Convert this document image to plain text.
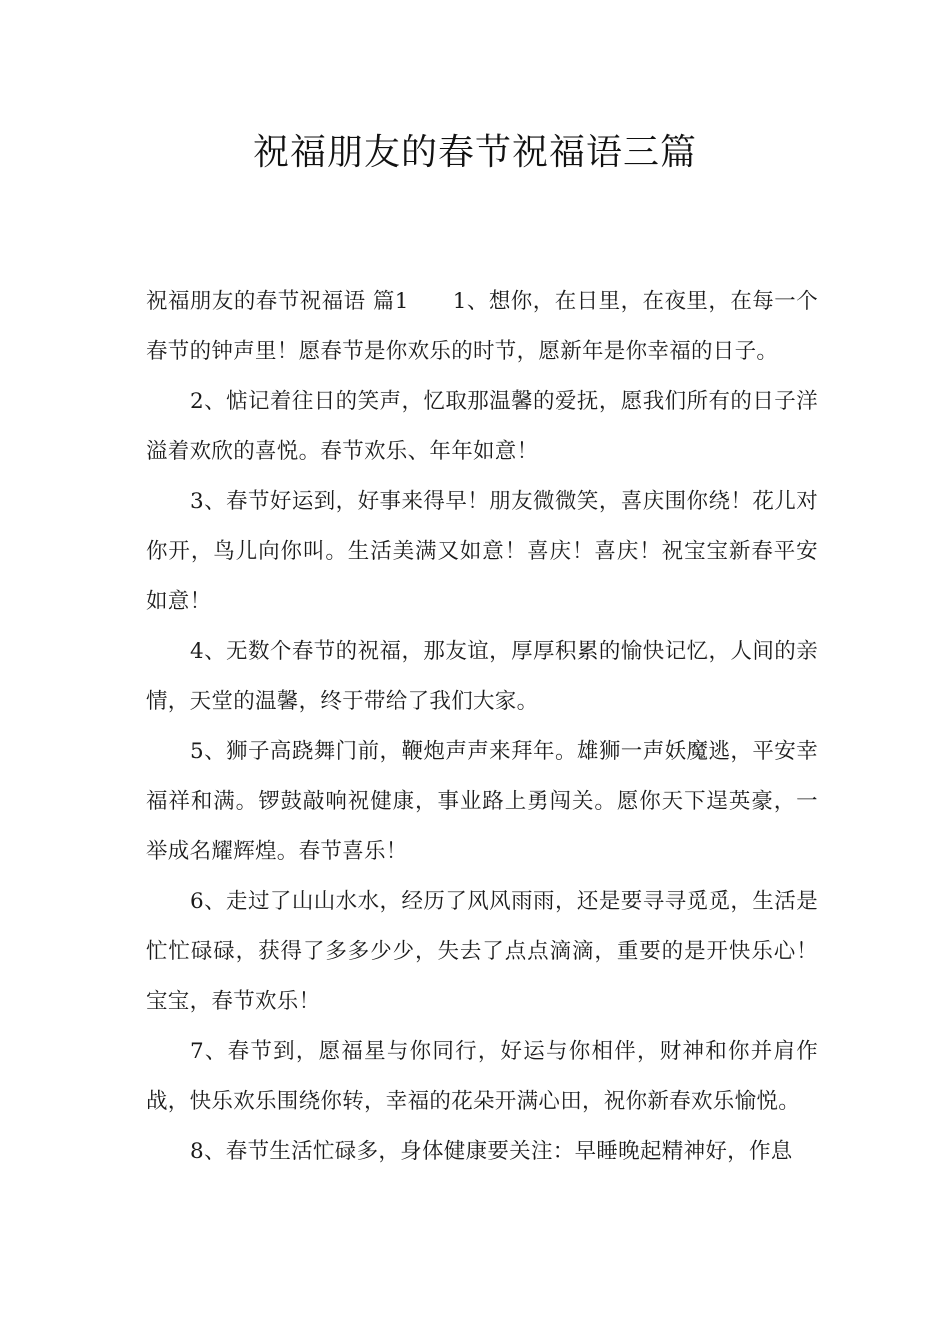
祝福朋友的春节祝福语三篇

祝福朋友的春节祝福语 篇1 1、想你，在日里，在夜里，在每一个春节的钟声里！愿春节是你欢乐的时节，愿新年是你幸福的日子。

2、惦记着往日的笑声，忆取那温馨的爱抚，愿我们所有的日子洋溢着欢欣的喜悦。春节欢乐、年年如意！

3、春节好运到，好事来得早！朋友微微笑，喜庆围你绕！花儿对你开，鸟儿向你叫。生活美满又如意！喜庆！喜庆！祝宝宝新春平安如意！

4、无数个春节的祝福，那友谊，厚厚积累的愉快记忆，人间的亲情，天堂的温馨，终于带给了我们大家。

5、狮子高跷舞门前，鞭炮声声来拜年。雄狮一声妖魔逃，平安幸福祥和满。锣鼓敲响祝健康，事业路上勇闯关。愿你天下逞英豪，一举成名耀辉煌。春节喜乐！

6、走过了山山水水，经历了风风雨雨，还是要寻寻觅觅，生活是忙忙碌碌，获得了多多少少，失去了点点滴滴，重要的是开快乐心！宝宝，春节欢乐！

7、春节到，愿福星与你同行，好运与你相伴，财神和你并肩作战，快乐欢乐围绕你转，幸福的花朵开满心田，祝你新春欢乐愉悦。

8、春节生活忙碌多，身体健康要关注：早睡晚起精神好，作息
